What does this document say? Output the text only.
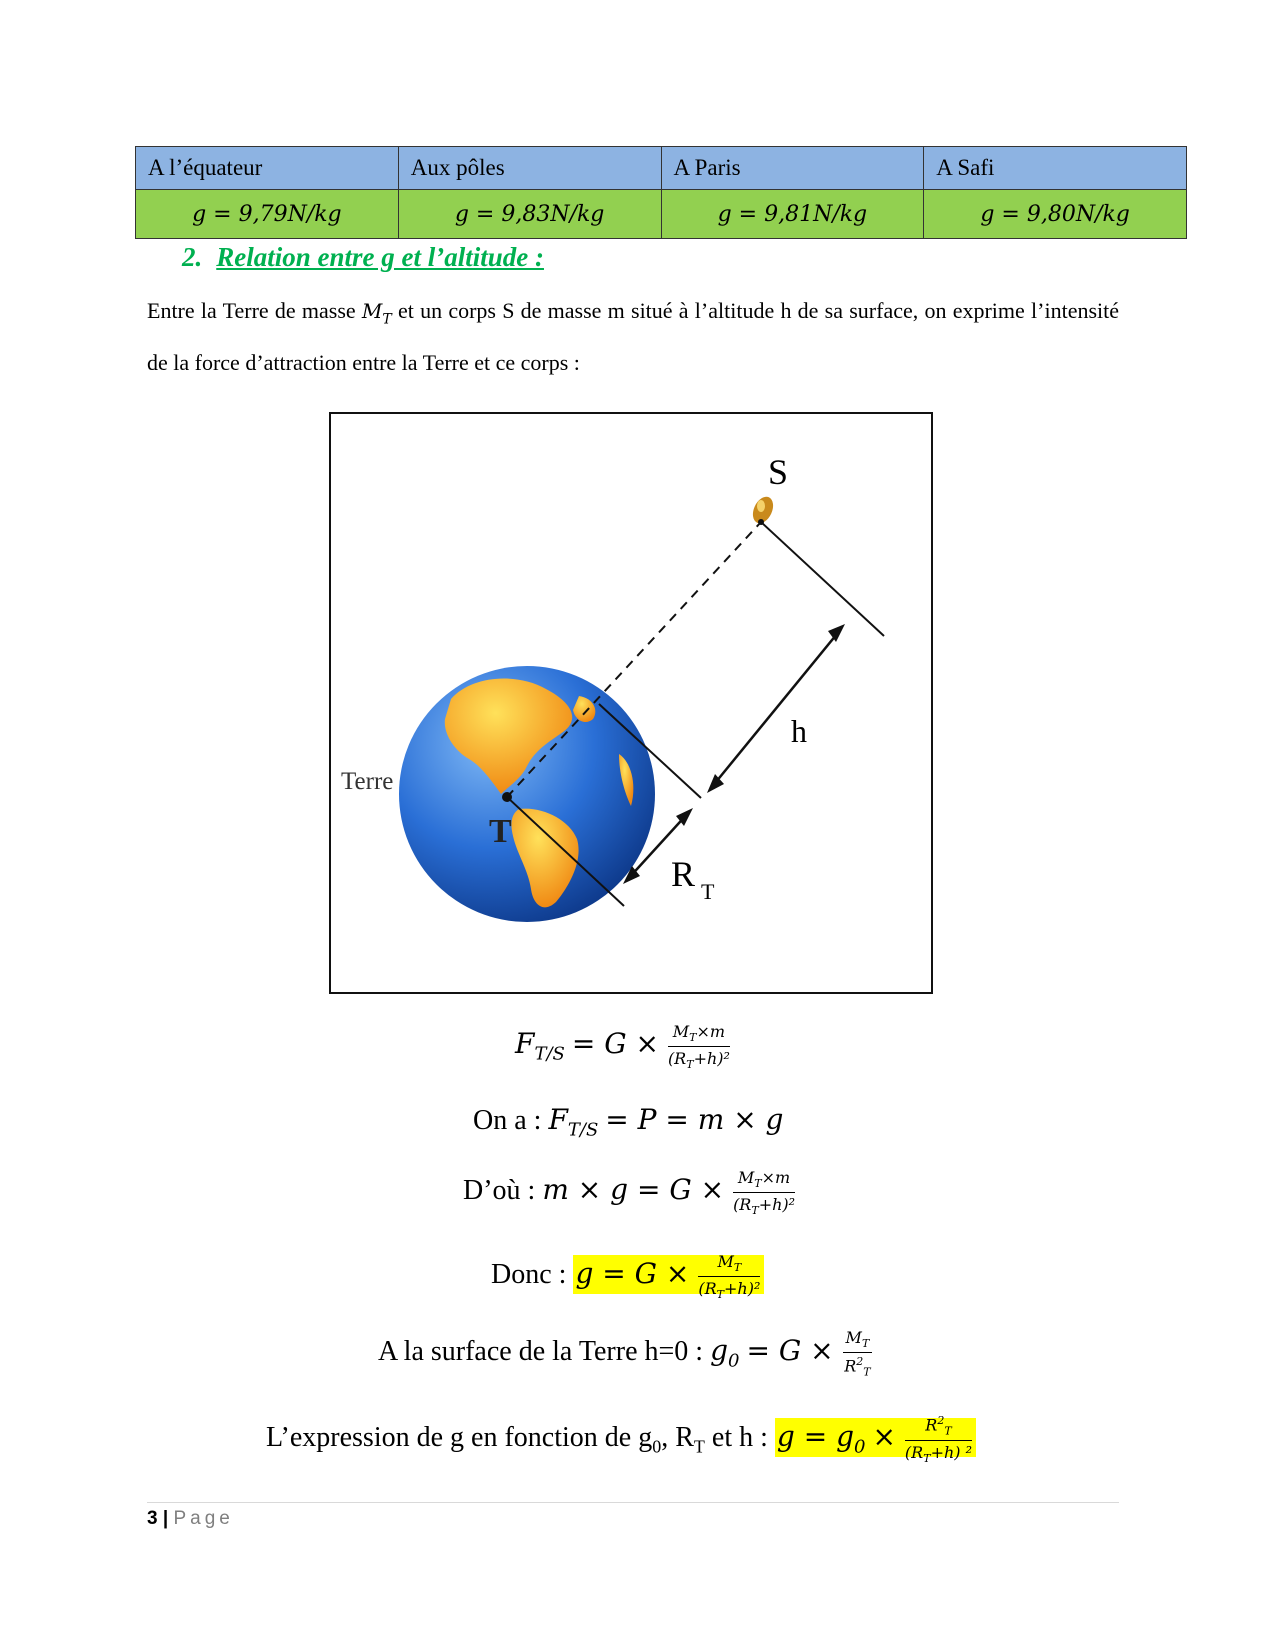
A l’équateur	Aux pôles	A Paris	A Safi
g = 9,79N/kg	g = 9,83N/kg	g = 9,81N/kg	g = 9,80N/kg
2. Relation entre g et l’altitude :
Entre la Terre de masse $M_T$ et un corps S de masse m situé à l’altitude h de sa surface, on exprime l’intensité de la force d’attraction entre la Terre et ce corps :
S
h
Terre
T
R T
$F_{T/S} = G \times \frac{M_T\times m}{(R_T+h)^2}$
On a : $F_{T/S} = P = m \times g$
D’où : $m \times g = G \times \frac{M_T\times m}{(R_T+h)^2}$
Donc : $g = G \times \frac{M_T}{(R_T+h)^2}$
A la surface de la Terre h=0 : $g_0 = G \times \frac{M_T}{R^2_T}$
L’expression de g en fonction de $g_0$, $R_T$ et h : $g = g_0 \times \frac{R^2_T}{(R_T+h) ^2}$
3 | Page
